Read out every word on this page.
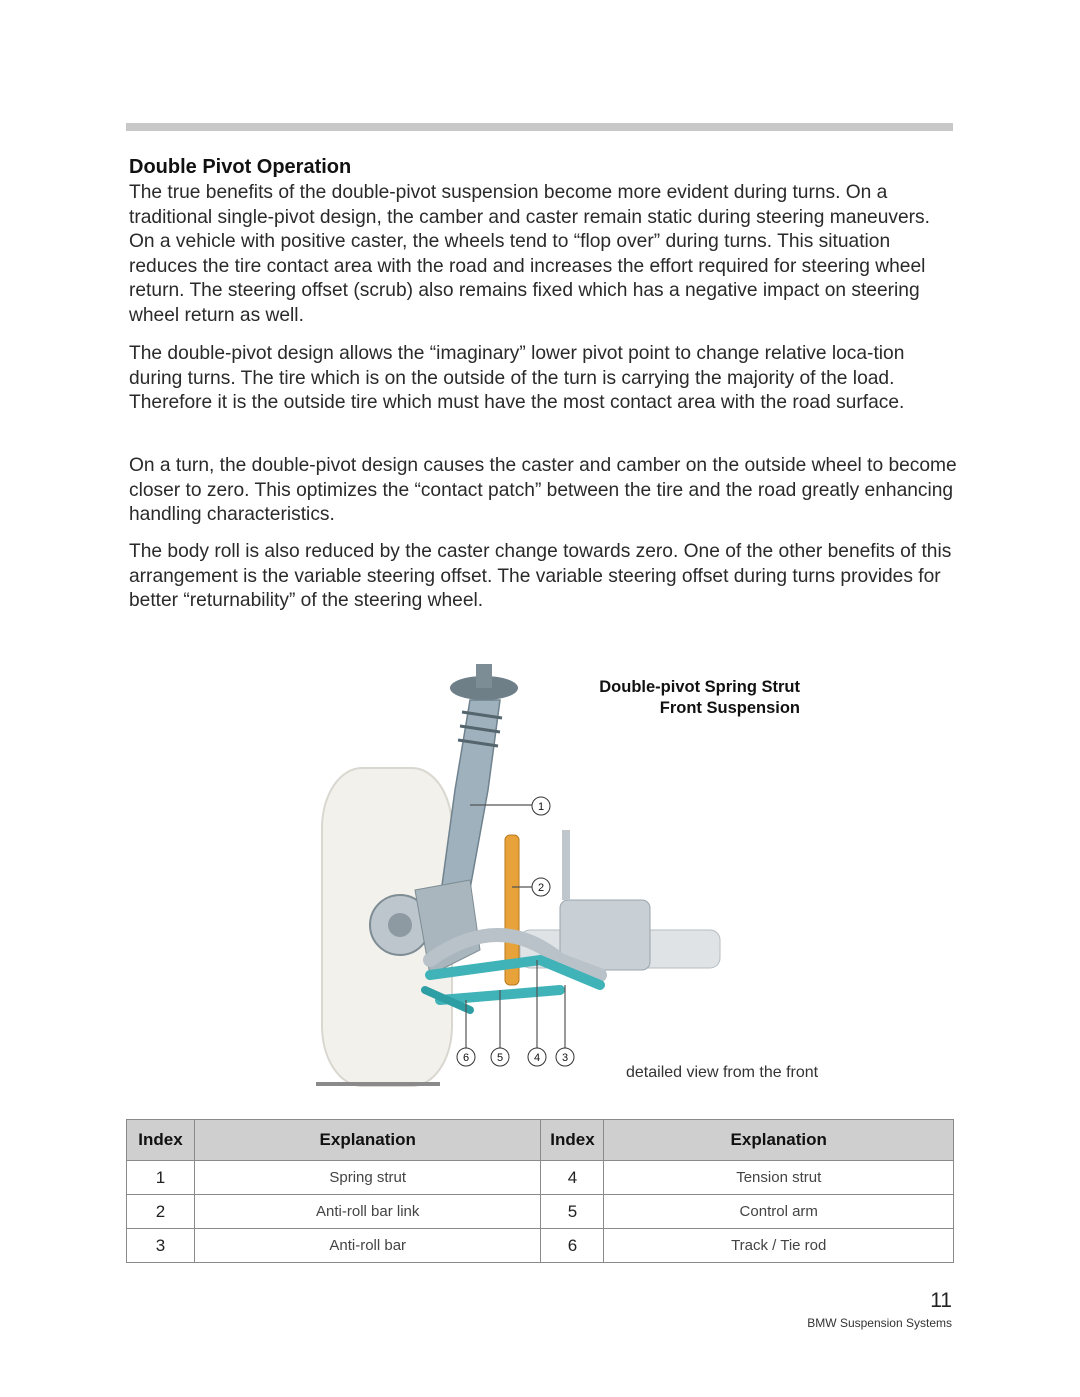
Double Pivot Operation

The true benefits of the double-pivot suspension become more evident during turns. On a traditional single-pivot design, the camber and caster remain static during steering maneuvers. On a vehicle with positive caster, the wheels tend to “flop over” during turns. This situation reduces the tire contact area with the road and increases the effort required for steering wheel return. The steering offset (scrub) also remains fixed which has a negative impact on steering wheel return as well.

The double-pivot design allows the “imaginary” lower pivot point to change relative loca-tion during turns. The tire which is on the outside of the turn is carrying the majority of the load. Therefore it is the outside tire which must have the most contact area with the road surface.

On a turn, the double-pivot design causes the caster and camber on the outside wheel to become closer to zero. This optimizes the “contact patch” between the tire and the road greatly enhancing handling characteristics.

The body roll is also reduced by the caster change towards zero. One of the other benefits of this arrangement is the variable steering offset. The variable steering offset during turns provides for better “returnability” of the steering wheel.

1
2
6	5	4 3
Double-pivot Spring Strut
Front Suspension
detailed view from the front
Index	Explanation	Index	Explanation
1	Spring strut	4	Tension strut
2	Anti-roll bar link	5	Control arm
3	Anti-roll bar	6	Track / Tie rod
11
BMW Suspension Systems
